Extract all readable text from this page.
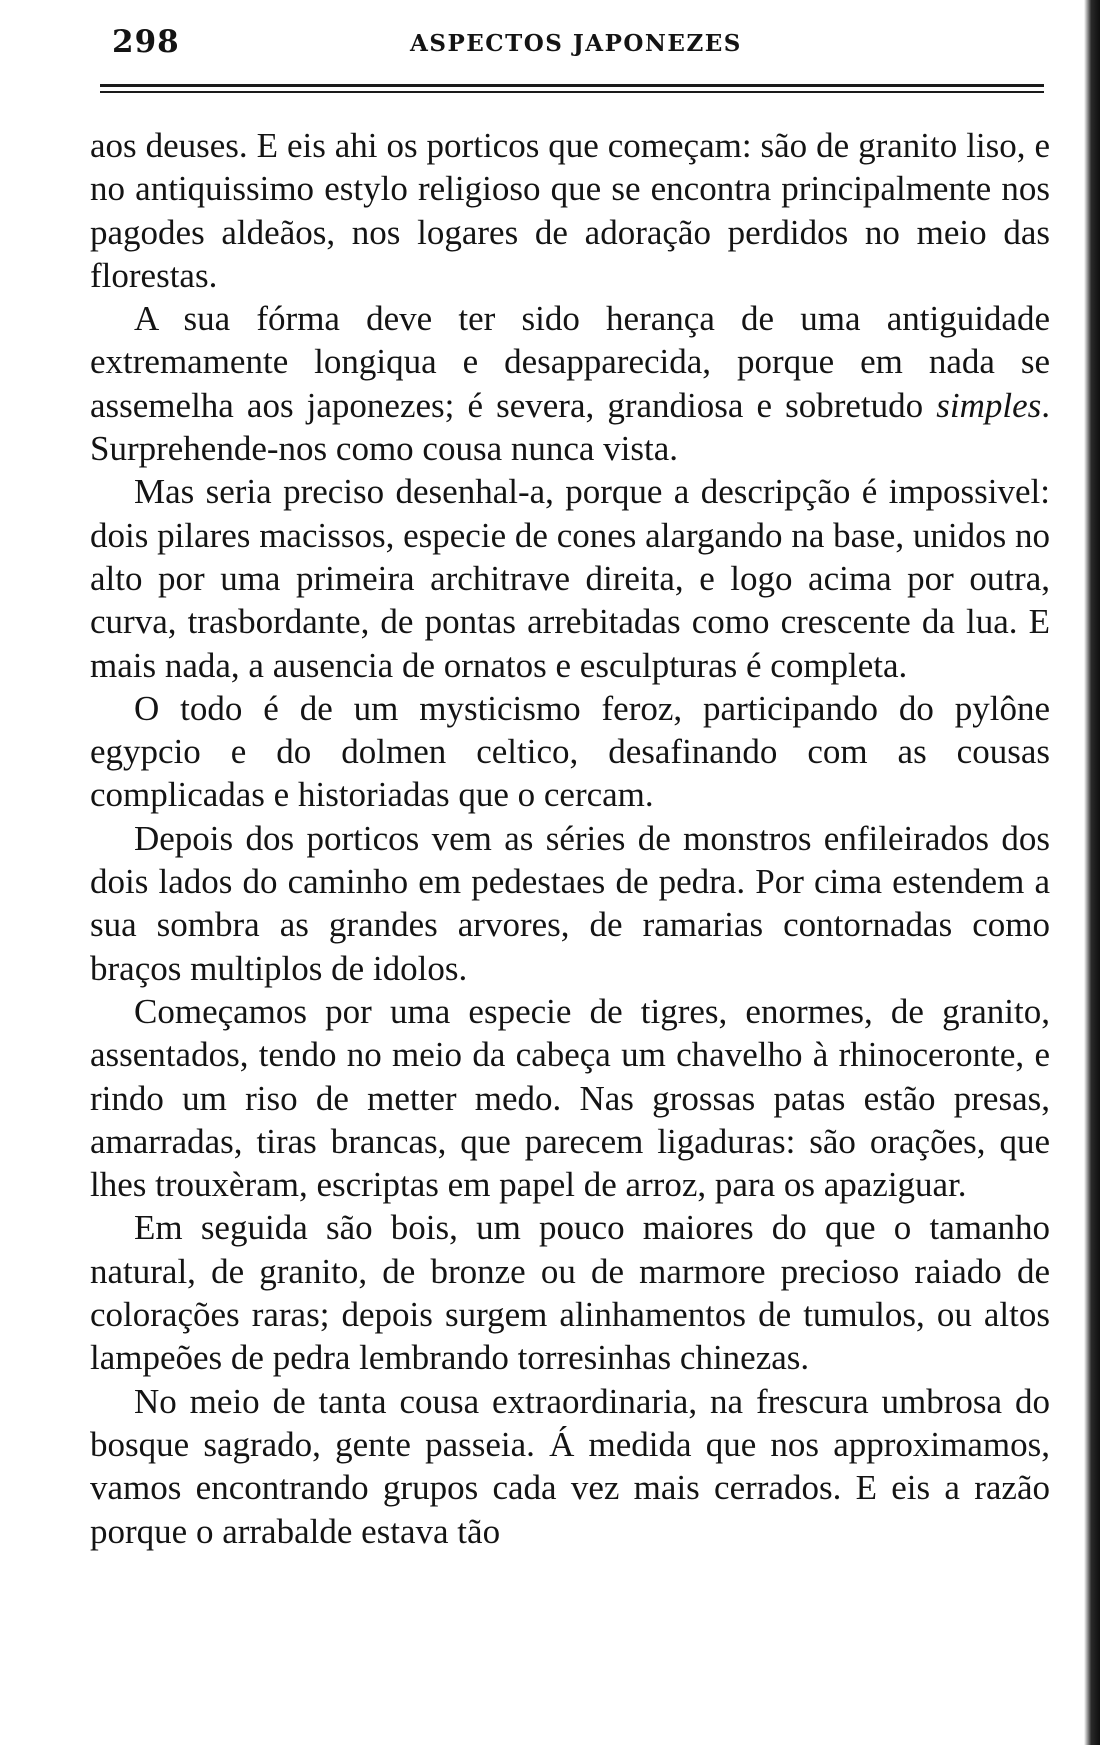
298	ASPECTOS JAPONEZES

aos deuses. E eis ahi os porticos que começam: são de granito liso, e no antiquissimo estylo religioso que se encontra principalmente nos pagodes aldeãos, nos logares de adoração perdidos no meio das florestas.

A sua fórma deve ter sido herança de uma antiguidade extremamente longiqua e desapparecida, porque em nada se assemelha aos japonezes; é severa, grandiosa e sobretudo simples. Surprehende-nos como cousa nunca vista.

Mas seria preciso desenhal-a, porque a descripção é impossivel: dois pilares macissos, especie de cones alargando na base, unidos no alto por uma primeira architrave direita, e logo acima por outra, curva, trasbordante, de pontas arrebitadas como crescente da lua. E mais nada, a ausencia de ornatos e esculpturas é completa.

O todo é de um mysticismo feroz, participando do pylône egypcio e do dolmen celtico, desafinando com as cousas complicadas e historiadas que o cercam.

Depois dos porticos vem as séries de monstros enfileirados dos dois lados do caminho em pedestaes de pedra. Por cima estendem a sua sombra as grandes arvores, de ramarias contornadas como braços multiplos de idolos.

Começamos por uma especie de tigres, enormes, de granito, assentados, tendo no meio da cabeça um chavelho à rhinoceronte, e rindo um riso de metter medo. Nas grossas patas estão presas, amarradas, tiras brancas, que parecem ligaduras: são orações, que lhes trouxèram, escriptas em papel de arroz, para os apaziguar.

Em seguida são bois, um pouco maiores do que o tamanho natural, de granito, de bronze ou de marmore precioso raiado de colorações raras; depois surgem alinhamentos de tumulos, ou altos lampeões de pedra lembrando torresinhas chinezas.

No meio de tanta cousa extraordinaria, na frescura umbrosa do bosque sagrado, gente passeia. Á medida que nos approximamos, vamos encontrando grupos cada vez mais cerrados. E eis a razão porque o arrabalde estava tão
